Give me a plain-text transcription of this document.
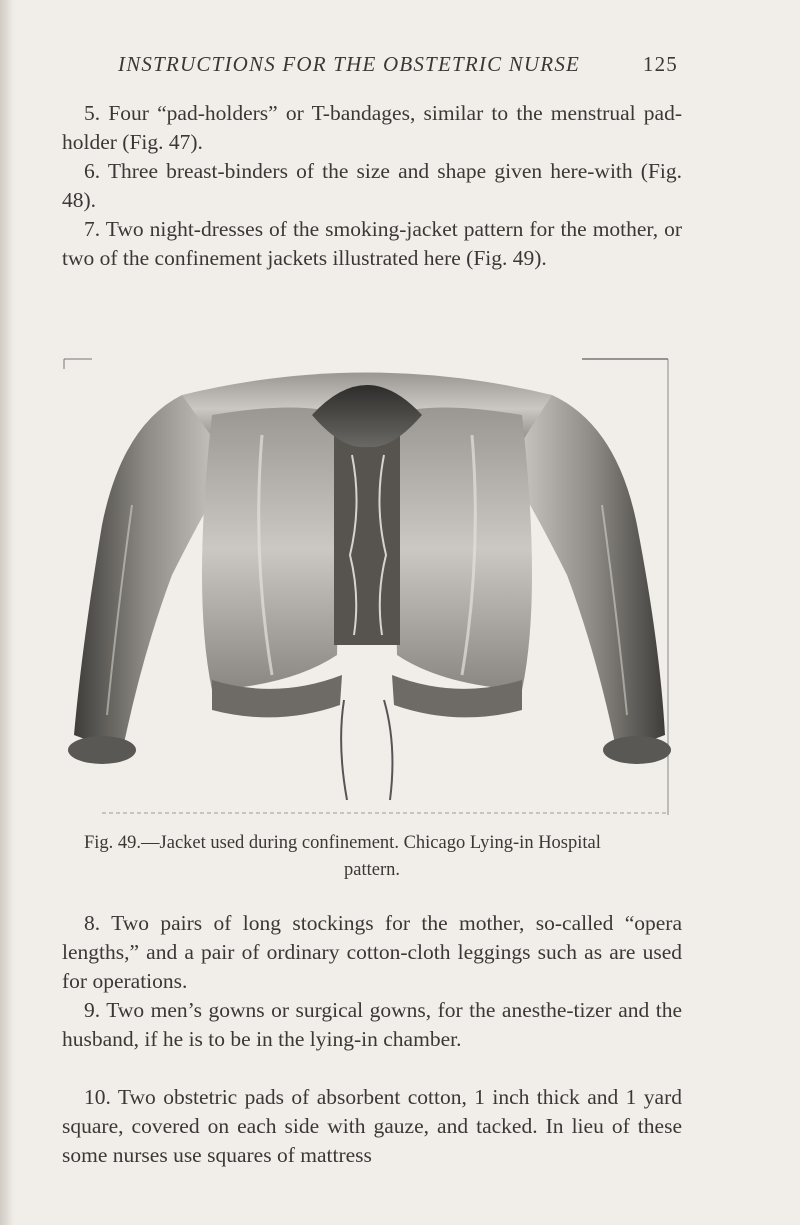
INSTRUCTIONS FOR THE OBSTETRIC NURSE	125

5. Four “pad-holders” or T-bandages, similar to the menstrual pad-holder (Fig. 47).

6. Three breast-binders of the size and shape given here-with (Fig. 48).

7. Two night-dresses of the smoking-jacket pattern for the mother, or two of the confinement jackets illustrated here (Fig. 49).

Fig. 49.—Jacket used during confinement. Chicago Lying-in Hospital
pattern.

8. Two pairs of long stockings for the mother, so-called “opera lengths,” and a pair of ordinary cotton-cloth leggings such as are used for operations.

9. Two men’s gowns or surgical gowns, for the anesthe-tizer and the husband, if he is to be in the lying-in chamber.

10. Two obstetric pads of absorbent cotton, 1 inch thick and 1 yard square, covered on each side with gauze, and tacked. In lieu of these some nurses use squares of mattress
